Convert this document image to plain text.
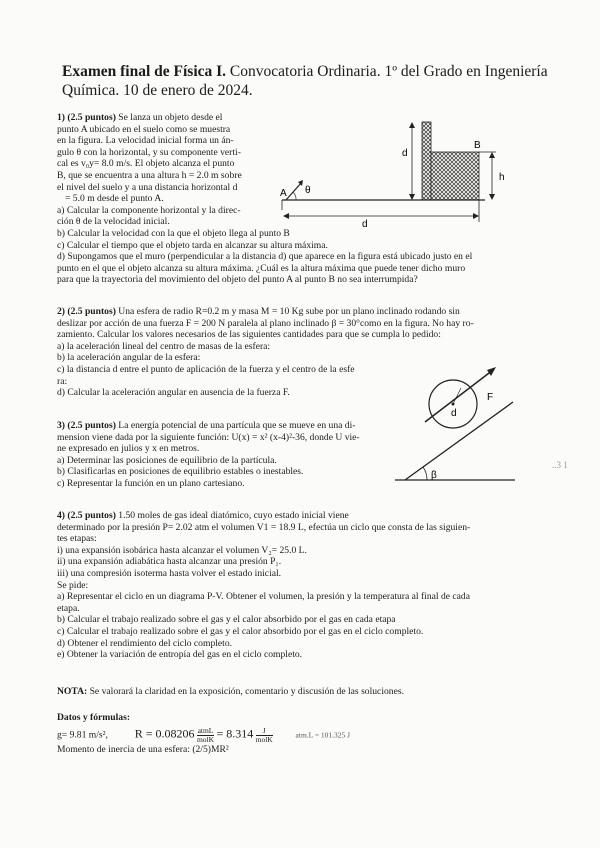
Examen final de Física I. Convocatoria Ordinaria. 1º del Grado en Ingeniería
Química. 10 de enero de 2024.
1) (2.5 puntos) Se lanza un objeto desde el
punto A ubicado en el suelo como se muestra
en la figura. La velocidad inicial forma un án-
gulo θ con la horizontal, y su componente verti-
cal es v₀y= 8.0 m/s. El objeto alcanza el punto
B, que se encuentra a una altura h = 2.0 m sobre
el nivel del suelo y a una distancia horizontal d
= 5.0 m desde el punto A.
a) Calcular la componente horizontal y la direc-
ción θ de la velocidad inicial.
b) Calcular la velocidad con la que el objeto llega al punto B
c) Calcular el tiempo que el objeto tarda en alcanzar su altura máxima.
d) Supongamos que el muro (perpendicular a la distancia d) que aparece en la figura está ubicado justo en el
punto en el que el objeto alcanza su altura máxima. ¿Cuál es la altura máxima que puede tener dicho muro
para que la trayectoria del movimiento del objeto del punto A al punto B no sea interrumpida?
d
h
B
A θ
d
2) (2.5 puntos) Una esfera de radio R=0.2 m y masa M = 10 Kg sube por un plano inclinado rodando sin
deslizar por acción de una fuerza F = 200 N paralela al plano inclinado β = 30°como en la figura. No hay ro-
zamiento. Calcular los valores necesarios de las siguientes cantidades para que se cumpla lo pedido:
a) la aceleración lineal del centro de masas de la esfera:
b) la aceleración angular de la esfera:
c) la distancia d entre el punto de aplicación de la fuerza y el centro de la esfe
ra:
d) Calcular la aceleración angular en ausencia de la fuerza F.
β
d
F
3) (2.5 puntos) La energía potencial de una partícula que se mueve en una di-
mension viene dada por la siguiente función: U(x) = x² (x-4)²-36, donde U vie-
ne expresado en julios y x en metros.
a) Determinar las posiciones de equilibrio de la partícula.
b) Clasificarlas en posiciones de equilibrio estables o inestables.
c) Representar la función en un plano cartesiano.
..3 1
4) (2.5 puntos) 1.50 moles de gas ideal diatómico, cuyo estado inicial viene
determinado por la presión P= 2.02 atm el volumen V1 = 18.9 L, efectúa un ciclo que consta de las siguien-
tes etapas:
i) una expansión isobárica hasta alcanzar el volumen V₂= 25.0 L.
ii) una expansión adiabática hasta alcanzar una presión P₁.
iii) una compresión isoterma hasta volver el estado inicial.
Se pide:
a) Representar el ciclo en un diagrama P-V. Obtener el volumen, la presión y la temperatura al final de cada
etapa.
b) Calcular el trabajo realizado sobre el gas y el calor absorbido por el gas en cada etapa
c) Calcular el trabajo realizado sobre el gas y el calor absorbido por el gas en el ciclo completo.
d) Obtener el rendimiento del ciclo completo.
e) Obtener la variación de entropía del gas en el ciclo completo.
NOTA: Se valorará la claridad en la exposición, comentario y discusión de las soluciones.
Datos y fórmulas:
g= 9.81 m/s², R = 0.08206 atmL
molK = 8.314	J
molK	atm.L = 101.325 J
Momento de inercia de una esfera: (2/5)MR²
